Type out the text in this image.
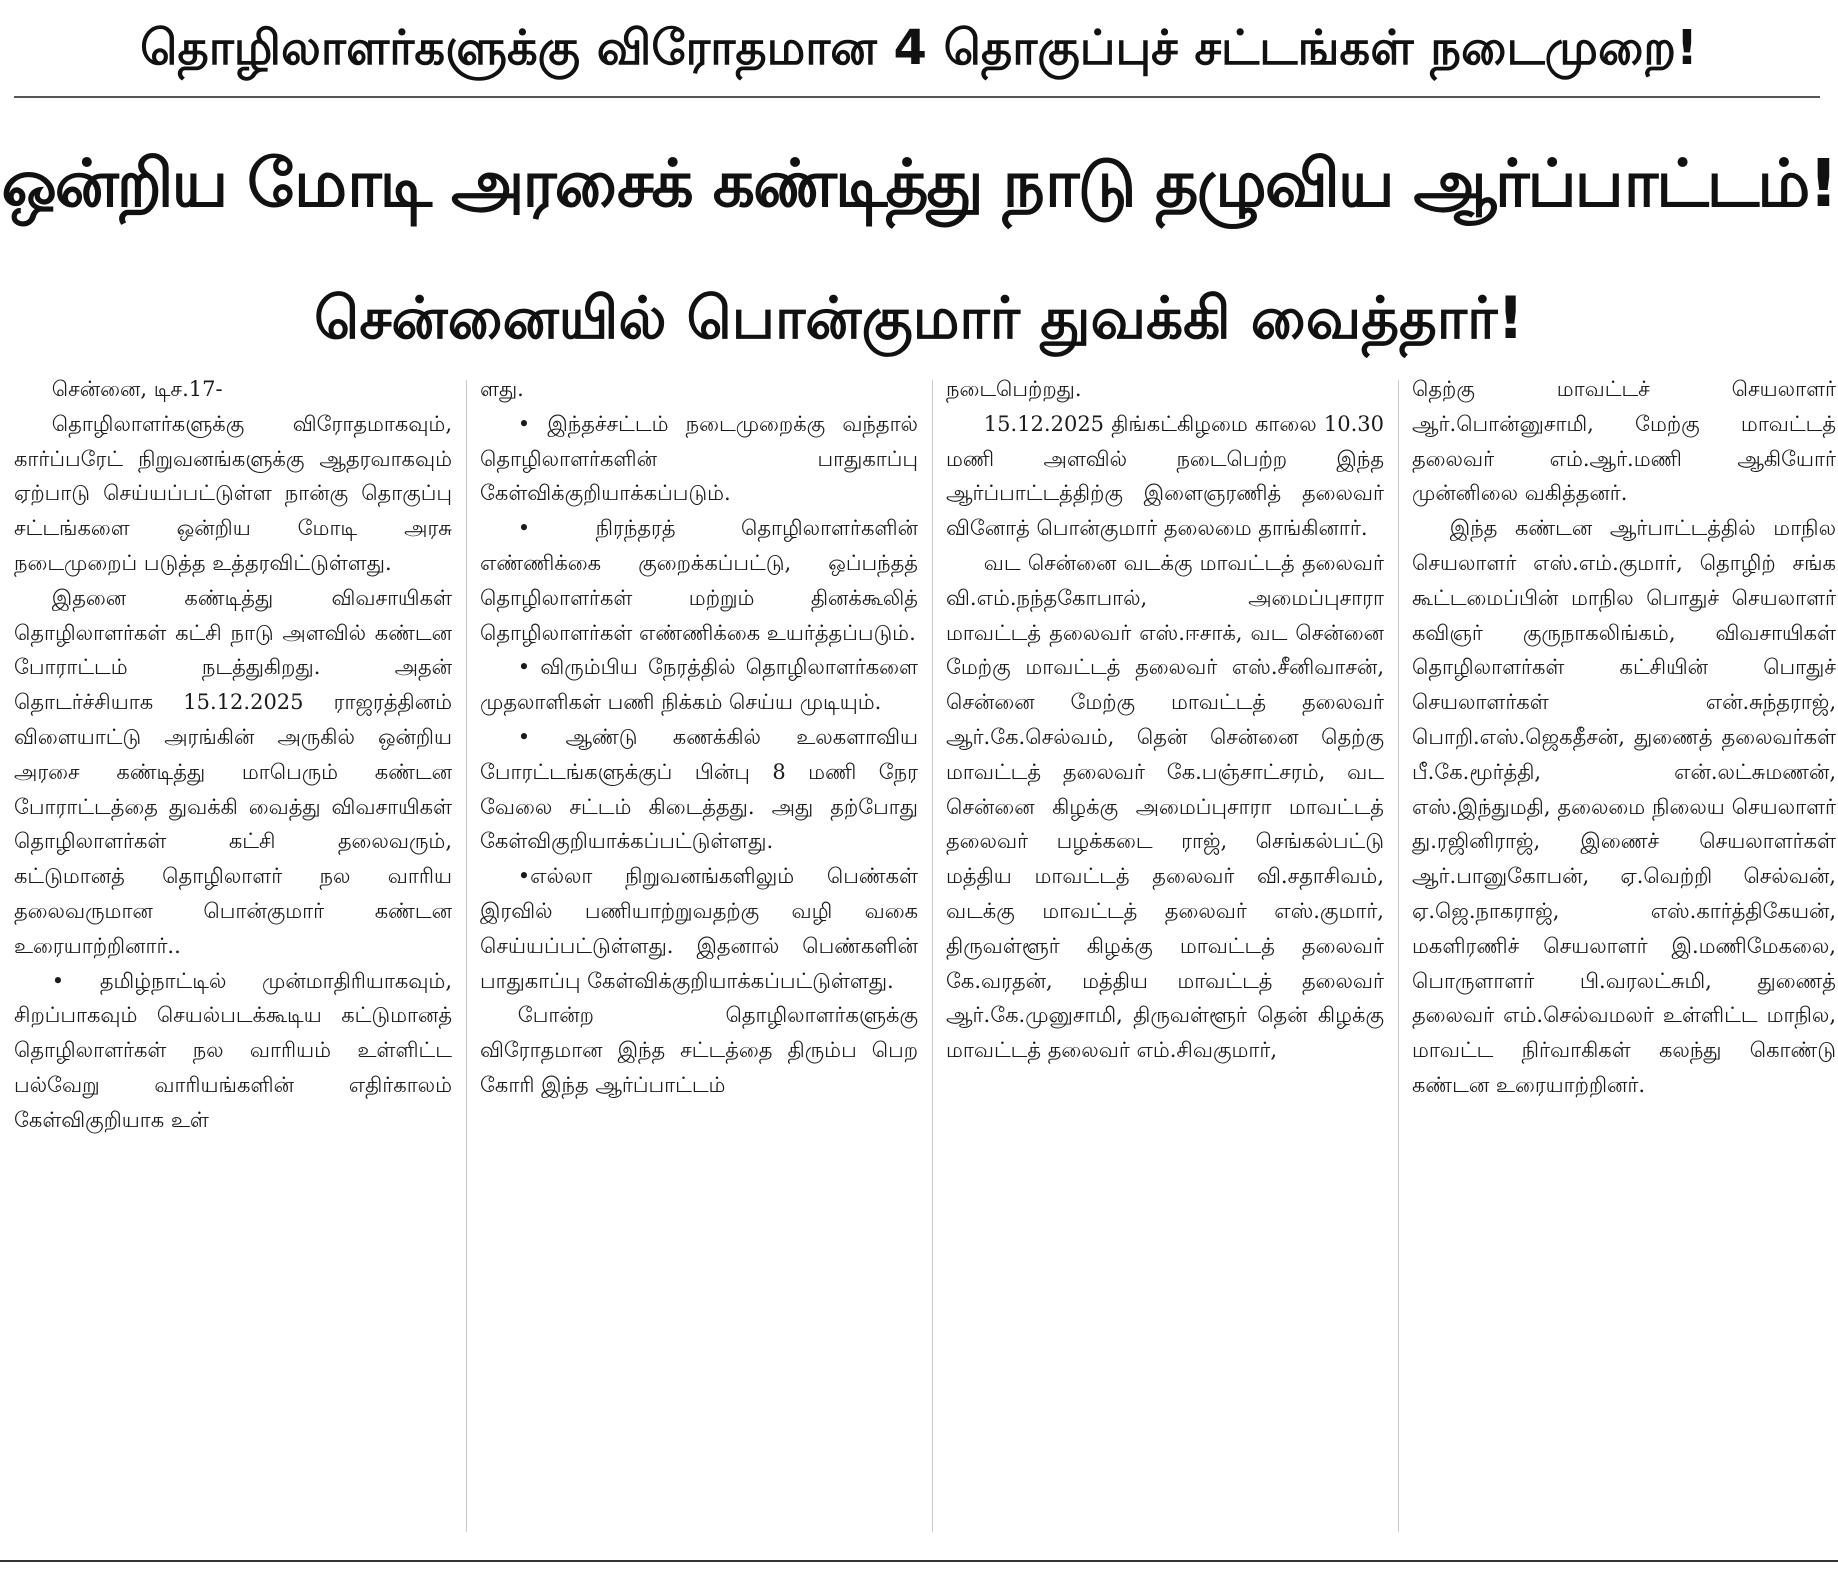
தொழிலாளர்களுக்கு விரோதமான 4 தொகுப்புச் சட்டங்கள் நடைமுறை!
ஒன்றிய மோடி அரசைக் கண்டித்து நாடு தழுவிய ஆர்ப்பாட்டம்!
சென்னையில் பொன்குமார் துவக்கி வைத்தார்!

சென்னை, டிச.17-

தொழிலாளர்களுக்கு விரோதமாகவும், கார்ப்பரேட் நிறுவனங்களுக்கு ஆதரவாகவும் ஏற்பாடு செய்யப்பட்டுள்ள நான்கு தொகுப்பு சட்டங்களை ஒன்றிய மோடி அரசு நடைமுறைப் படுத்த உத்தரவிட்டுள்ளது.

இதனை கண்டித்து விவசாயிகள் தொழிலாளர்கள் கட்சி நாடு அளவில் கண்டன போராட்டம் நடத்துகிறது. அதன் தொடர்ச்சியாக 15.12.2025 ராஜரத்தினம் விளையாட்டு அரங்கின் அருகில் ஒன்றிய அரசை கண்டித்து மாபெரும் கண்டன போராட்டத்தை துவக்கி வைத்து விவசாயிகள் தொழிலாளர்கள் கட்சி தலைவரும், கட்டுமானத் தொழிலாளர் நல வாரிய தலைவருமான பொன்குமார் கண்டன உரையாற்றினார்..

• தமிழ்நாட்டில் முன்மாதிரியாகவும், சிறப்பாகவும் செயல்படக்கூடிய கட்டுமானத் தொழிலாளர்கள் நல வாரியம் உள்ளிட்ட பல்வேறு வாரியங்களின் எதிர்காலம் கேள்விகுறியாக உள்

ளது.

• இந்தச்சட்டம் நடைமுறைக்கு வந்தால் தொழிலாளர்களின் பாதுகாப்பு கேள்விக்குறியாக்கப்படும்.

• நிரந்தரத் தொழிலாளர்களின் எண்ணிக்கை குறைக்கப்பட்டு, ஒப்பந்தத் தொழிலாளர்கள் மற்றும் தினக்கூலித் தொழிலாளர்கள் எண்ணிக்கை உயர்த்தப்படும்.

• விரும்பிய நேரத்தில் தொழிலாளர்களை முதலாளிகள் பணி நிக்கம் செய்ய முடியும்.

• ஆண்டு கணக்கில் உலகளாவிய போரட்டங்களுக்குப் பின்பு 8 மணி நேர வேலை சட்டம் கிடைத்தது. அது தற்போது கேள்விகுறியாக்கப்பட்டுள்ளது.

•எல்லா நிறுவனங்களிலும் பெண்கள் இரவில் பணியாற்றுவதற்கு வழி வகை செய்யப்பட்டுள்ளது. இதனால் பெண்களின் பாதுகாப்பு கேள்விக்குறியாக்கப்பட்டுள்ளது.

போன்ற தொழிலாளர்களுக்கு விரோதமான இந்த சட்டத்தை திரும்ப பெற கோரி இந்த ஆர்ப்பாட்டம்

நடைபெற்றது.

15.12.2025 திங்கட்கிழமை காலை 10.30 மணி அளவில் நடைபெற்ற இந்த ஆர்ப்பாட்டத்திற்கு இளைஞரணித் தலைவர் வினோத் பொன்குமார் தலைமை தாங்கினார்.

வட சென்னை வடக்கு மாவட்டத் தலைவர் வி.எம்.நந்தகோபால், அமைப்புசாரா மாவட்டத் தலைவர் எஸ்.ஈசாக், வட சென்னை மேற்கு மாவட்டத் தலைவர் எஸ்.சீனிவாசன், சென்னை மேற்கு மாவட்டத் தலைவர் ஆர்.கே.செல்வம், தென் சென்னை தெற்கு மாவட்டத் தலைவர் கே.பஞ்சாட்சரம், வட சென்னை கிழக்கு அமைப்புசாரா மாவட்டத் தலைவர் பழக்கடை ராஜ், செங்கல்பட்டு மத்திய மாவட்டத் தலைவர் வி.சதாசிவம், வடக்கு மாவட்டத் தலைவர் எஸ்.குமார், திருவள்ளூர் கிழக்கு மாவட்டத் தலைவர் கே.வரதன், மத்திய மாவட்டத் தலைவர் ஆர்.கே.முனுசாமி, திருவள்ளூர் தென் கிழக்கு மாவட்டத் தலைவர் எம்.சிவகுமார்,

தெற்கு மாவட்டச் செயலாளர் ஆர்.பொன்னுசாமி, மேற்கு மாவட்டத் தலைவர் எம்.ஆர்.மணி ஆகியோர் முன்னிலை வகித்தனர்.

இந்த கண்டன ஆர்பாட்டத்தில் மாநில செயலாளர் எஸ்.எம்.குமார், தொழிற் சங்க கூட்டமைப்பின் மாநில பொதுச் செயலாளர் கவிஞர் குருநாகலிங்கம், விவசாயிகள் தொழிலாளர்கள் கட்சியின் பொதுச் செயலாளர்கள் என்.சுந்தராஜ், பொறி.எஸ்.ஜெகதீசன், துணைத் தலைவர்கள் பீ.கே.மூர்த்தி, என்.லட்சுமணன், எஸ்.இந்துமதி, தலைமை நிலைய செயலாளர் து.ரஜினிராஜ், இணைச் செயலாளர்கள் ஆர்.பானுகோபன், ஏ.வெற்றி செல்வன், ஏ.ஜெ.நாகராஜ், எஸ்.கார்த்திகேயன், மகளிரணிச் செயலாளர் இ.மணிமேகலை, பொருளாளர் பி.வரலட்சுமி, துணைத் தலைவர் எம்.செல்வமலர் உள்ளிட்ட மாநில, மாவட்ட நிர்வாகிகள் கலந்து கொண்டு கண்டன உரையாற்றினர்.
